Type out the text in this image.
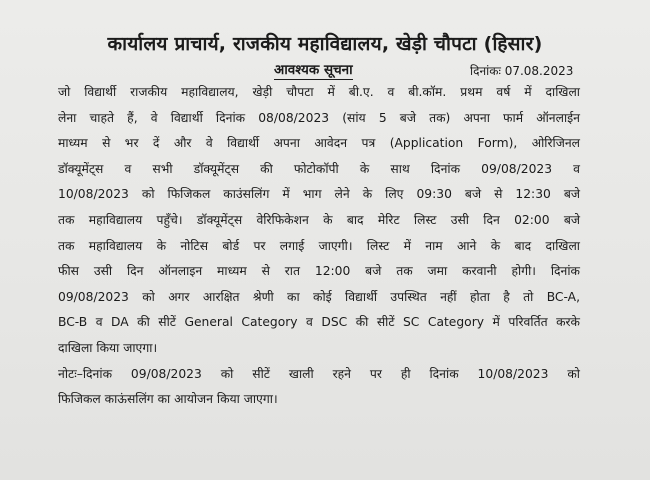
कार्यालय प्राचार्य, राजकीय महाविद्यालय, खेड़ी चौपटा (हिसार)
आवश्यक सूचना	दिनांकः 07.08.2023
जो विद्यार्थी राजकीय महाविद्यालय, खेड़ी चौपटा में बी.ए. व बी.कॉम. प्रथम वर्ष में दाखिला
लेना चाहते हैं, वे विद्यार्थी दिनांक 08/08/2023 (सांय 5 बजे तक) अपना फार्म ऑनलाईन
माध्यम से भर दें और वे विद्यार्थी अपना आवेदन पत्र (Application Form), ओरिजिनल
डॉक्यूमेंट्स व सभी डॉक्यूमेंट्स की फोटोकॉपी के साथ दिनांक 09/08/2023 व
10/08/2023 को फिजिकल काउंसलिंग में भाग लेने के लिए 09:30 बजे से 12:30 बजे
तक महाविद्यालय पहुँचे। डॉक्यूमेंट्स वेरिफिकेशन के बाद मेरिट लिस्ट उसी दिन 02:00 बजे
तक महाविद्यालय के नोटिस बोर्ड पर लगाई जाएगी। लिस्ट में नाम आने के बाद दाखिला
फीस उसी दिन ऑनलाइन माध्यम से रात 12:00 बजे तक जमा करवानी होगी। दिनांक
09/08/2023 को अगर आरक्षित श्रेणी का कोई विद्यार्थी उपस्थित नहीं होता है तो BC-A,
BC-B व DA की सीटें General Category व DSC की सीटें SC Category में परिवर्तित करके
दाखिला किया जाएगा।
नोटः–दिनांक 09/08/2023 को सीटें खाली रहने पर ही दिनांक 10/08/2023 को
फिजिकल काऊंसलिंग का आयोजन किया जाएगा।
